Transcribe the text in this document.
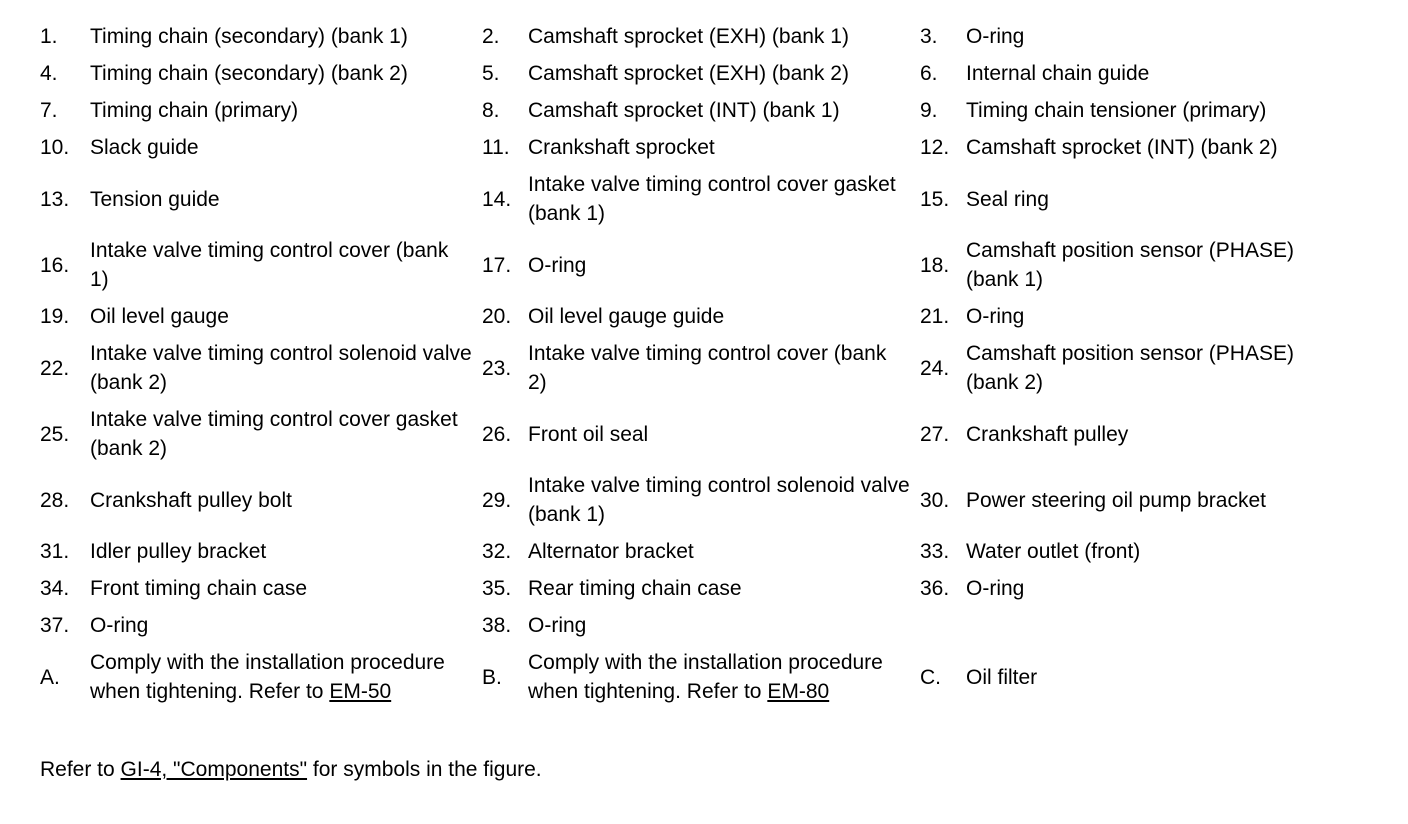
1.	Timing chain (secondary) (bank 1)	2.	Camshaft sprocket (EXH) (bank 1)	3.	O-ring
4.	Timing chain (secondary) (bank 2)	5.	Camshaft sprocket (EXH) (bank 2)	6.	Internal chain guide
7.	Timing chain (primary)	8.	Camshaft sprocket (INT) (bank 1)	9.	Timing chain tensioner (primary)
10.	Slack guide	11.	Crankshaft sprocket	12.	Camshaft sprocket (INT) (bank 2)
13.	Tension guide	14.	Intake valve timing control cover gasket (bank 1)	15.	Seal ring
16.	Intake valve timing control cover (bank 1)	17.	O-ring	18.	Camshaft position sensor (PHASE) (bank 1)
19.	Oil level gauge	20.	Oil level gauge guide	21.	O-ring
22.	Intake valve timing control solenoid valve (bank 2)	23.	Intake valve timing control cover (bank 2)	24.	Camshaft position sensor (PHASE) (bank 2)
25.	Intake valve timing control cover gasket (bank 2)	26.	Front oil seal	27.	Crankshaft pulley
28.	Crankshaft pulley bolt	29.	Intake valve timing control solenoid valve (bank 1)	30.	Power steering oil pump bracket
31.	Idler pulley bracket	32.	Alternator bracket	33.	Water outlet (front)
34.	Front timing chain case	35.	Rear timing chain case	36.	O-ring
37.	O-ring	38.	O-ring		
A.	Comply with the installation procedure when tightening. Refer to EM-50	B.	Comply with the installation procedure when tightening. Refer to EM-80	C.	Oil filter
Refer to GI-4, "Components" for symbols in the figure.
